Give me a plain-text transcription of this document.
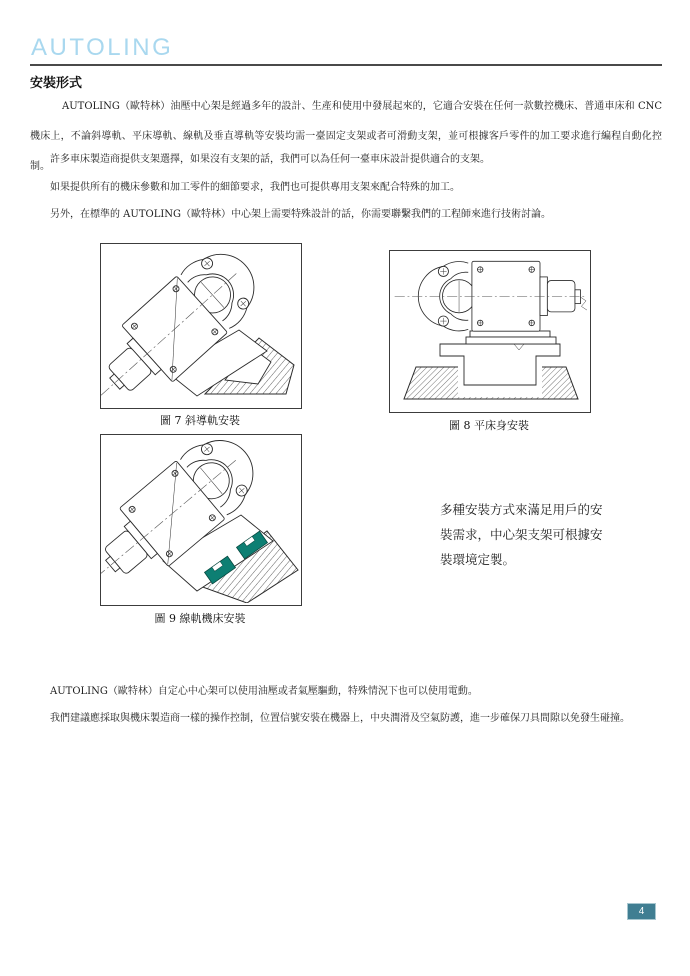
AUTOLING
安裝形式
AUTOLING（歐特林）油壓中心架是經過多年的設計、生產和使用中發展起來的，它適合安裝在任何一款數控機床、普通車床和 CNC 機床上，不論斜導軌、平床導軌、線軌及垂直導軌等安裝均需一臺固定支架或者可滑動支架，並可根據客戶零件的加工要求進行編程自動化控制。
許多車床製造商提供支架選擇，如果沒有支架的話，我們可以為任何一臺車床設計提供適合的支架。
如果提供所有的機床參數和加工零件的細節要求，我們也可提供專用支架來配合特殊的加工。
另外，在標準的 AUTOLING（歐特林）中心架上需要特殊設計的話，你需要聯繫我們的工程師來進行技術討論。
圖 7 斜導軌安裝	圖 8 平床身安裝
圖 9 線軌機床安裝
多種安裝方式來滿足用戶的安裝需求，中心架支架可根據安裝環境定製。
AUTOLING（歐特林）自定心中心架可以使用油壓或者氣壓驅動，特殊情況下也可以使用電動。
我們建議應採取與機床製造商一樣的操作控制，位置信號安裝在機器上，中央潤滑及空氣防護，進一步確保刀具間隙以免發生碰撞。
4
